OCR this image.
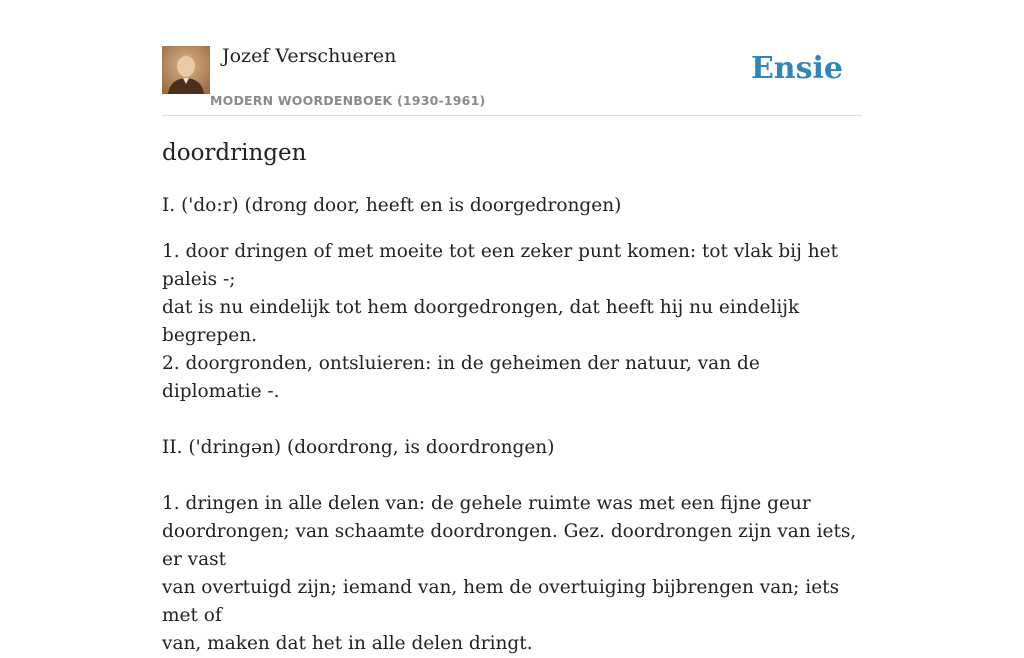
Jozef Verschueren
MODERN WOORDENBOEK (1930-1961)
Ensie
doordringen

I. ('do:r) (drong door, heeft en is doorgedrongen)

1. door dringen of met moeite tot een zeker punt komen: tot vlak bij het paleis -;

dat is nu eindelijk tot hem doorgedrongen, dat heeft hij nu eindelijk begrepen.

2. doorgronden, ontsluieren: in de geheimen der natuur, van de diplomatie -.

II. ('dringən) (doordrong, is doordrongen)

1. dringen in alle delen van: de gehele ruimte was met een fijne geur

doordrongen; van schaamte doordrongen. Gez. doordrongen zijn van iets, er vast

van overtuigd zijn; iemand van, hem de overtuiging bijbrengen van; iets met of

van, maken dat het in alle delen dringt.
